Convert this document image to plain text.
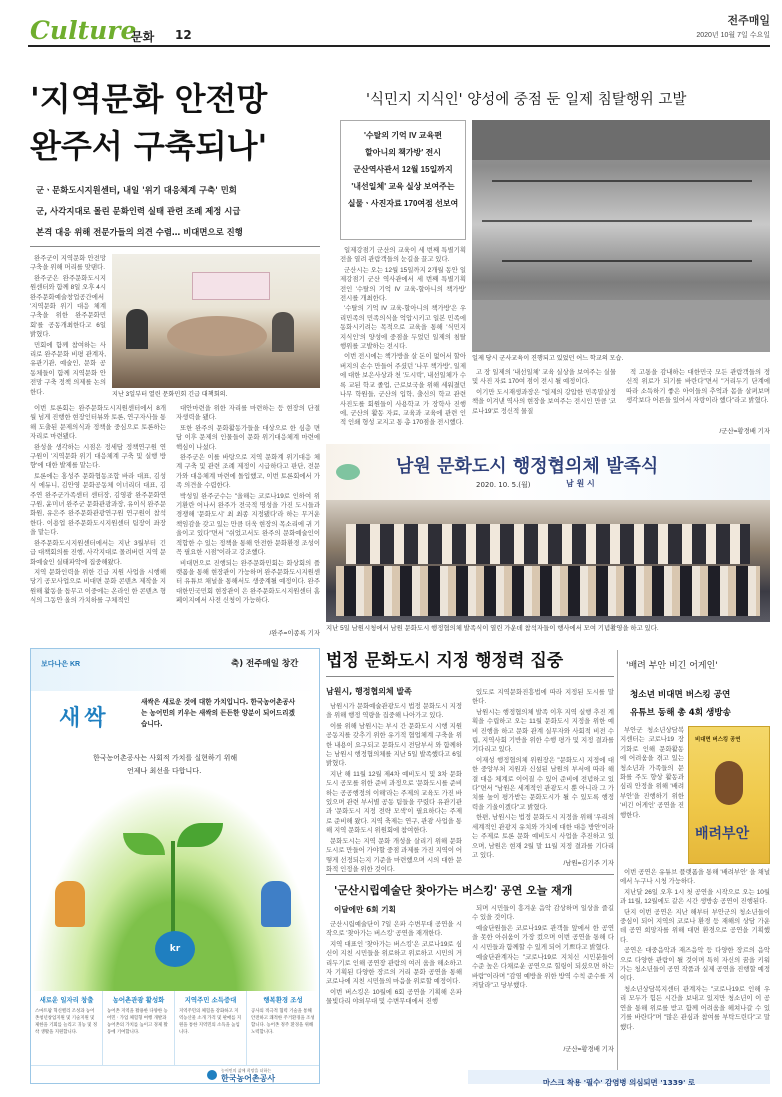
Culture
문화 12
전주매일
2020년 10월 7일 수요일
'지역문화 안전망
완주서 구축되나'
군ㆍ문화도시지원센터, 내일 '위기 대응체계 구축' 민회
군, 사각지대로 몰린 문화인력 실태 관련 조례 제정 시급
본격 대응 위해 전문가들의 의견 수렴… 비대면으로 진행

완주군이 지역문화 안전망 구축을 위해 머리를 맞댄다.

완주군은 완주문화도시지원센터와 함께 8일 오후 4시 완주문화예술창업공간에서 '지역문화 위기 대응 체계 구축을 위한 완주문화민회'를 공동개최한다고 6일 밝혔다.

민회에 함께 참여하는 사리로 완주문화 비평 관계자, 유관기관, 예술인, 문화 공동체들이 함께 지역문화 안전망 구축 정책 의제를 논의한다.	지난 3일부터 열린 문화민회 긴급 대책회의.

이번 토론회는 완주문화도시지원센터에서 8개월 넘게 진행한 현장인터뷰와 토론, 연구자사들 통해 도출된 문제의식과 정책을 중심으로 토론하는 자리로 마련됐다.

완성을 생각하는 시점은 정세담 정책연구원 연구원이 '지역문화 위기 대응체계 구축 및 실행 방향'에 대한 발제를 맡는다.

토론에는 홍성주 문화협동조합 바라 대표, 김성식 에듀니, 김안영 문화공동체 이너리더 대표, 김주연 완주군가족센터 센터장, 김영광 완주문화연구원, 윤미녀 완주군 문화관광과장, 유이식 완주문화원, 유은주 완주문화관광연구원 연구원이 참석한다. 이용업 완주문화도시지원센터 팀장이 좌장을 맡는다.

완주문화도시지원센터에서는 지난 3월부터 긴급 대책회의를 진행, 사각지대로 몰려버린 지역 문화예술인 실태파악에 집중해왔다.

지역 문화인력을 위한 긴급 지원 사업을 시행해 당기 공모사업으로 비대면 문화 콘텐츠 제작을 지원해 활동을 돕무고 이중에는 온라인 한 콘텐츠 형식의 그동안 올의 가치하를 구체적인

대안마련을 위한 자리를 마련하는 등 현장의 단절 자생력을 됐다.

또한 완주의 문화활동가들을 대상으로 한 심층 면담 이후 문제의 인물들이 문화 위기대응체계 마련에 핵심이 나섰다.

완주군은 이를 바탕으로 지역 문화계 위기대응 체계 구축 및 관련 조례 제정이 시급하다고 판단, 전문가와 대응체계 마련에 돌입했고, 이번 토론회에서 가족 의견을 수렴한다.

박성일 완주군수는 "올해는 코로나19로 인하여 위기환란 어나서 완주가 전국적 명성을 가진 도시들과 경쟁해 '문화도시' 최 최종 지정됐다'라 하는 무거운 책임감을 갖고 있는 만큼 더욱 현장의 목소리에 귀 기울이고 있다"면서 "쉬었고서도 완주의 문화예술인이 적합한 수 있는 정책을 통해 안전한 문화환경 조성이 꼭 필요한 시점"이라고 강조했다.

비대면으로 진행되는 완주문화민회는 화상회의 플랫폼을 통해 현장관이 가능하며 완주문화도시지원센터 유튜브 채널을 통해서도 생중계될 예정이다. 완주대한민국민회 현장관이 은 완주문화도시지원센터 홈페이지에서 사전 신청이 가능하다.

/완주=이종록 기자
'식민지 지식인' 양성에 중점 둔 일제 침탈행위 고발
'수탈의 기억 IV 교육편
할아니의 책가방' 전시
군산역사관서 12월 15일까지
'내선일체' 교육 실상 보여주는
실물ㆍ사진자료 170여점 선보여
일제 당시 군사교육이 진행되고 있었던 어느 학교의 모습.

일제강점기 군산의 교육이 세 번째 특별기획전을 열려 관람객들의 눈길을 끌고 있다.

군산시는 오는 12월 15일까지 2개월 동안 일제강점기 군산 역사관에서 세 번째 특별기획전인 '수탈의 기억 IV 교육-할아니의 책가방' 전시를 개최한다.

'수탈의 기억 IV 교육-할아니의 책가방'은 우리민족의 민족의식을 억압시키고 일본 민족에 동화시키려는 목적으로 교육을 통해 '식민지 지식인'의 양성에 중점을 두었던 일제의 침탈행위를 고발하는 전시다.

이번 전시에는 책가방을 살 돈이 없어서 할아버지의 손수 만들어 주셨던 '나무 책가방', 일제에 대한 보은사상과 천 '도시락', 내선일체가 수록 교된 학교 졸업, 근로보국을 위해 세워졌던 나무 학원들, 군산의 입학, 출신의 학교 관련 사진도를 회원들이 사용학교 가 장학사 진행에, 군산의 활동 자료, 교육과 교육에 관련 인적 인쇄 형성 교지고 통 총 170점을 전시했다.

고 장 일제의 '내선일체' 교육 실상을 보여주는 실물 및 사진 자료 170여 점이 전시 될 예정이다.

이기만 도시재생과장은 "일제의 강압한 민족말살정책을 이겨낸 역사의 현장을 보여주는 전시인 만큼 '코로나19'로 정신적 물질

적 고통을 감내하는 대한민국 모든 관람객들의 정신적 위로가 되기를 바란다"면서 "거리두기 단계에 따라 소득하기 좋은 아이들의 추억과 몸을 살펴보며 생각보다 어른들 있어서 자랑이라 했다"라고 밝혔다.

/군산=황경배 기자
남원 문화도시 행정협의체 발족식
2020. 10. 5.(월)	남 원 시
지난 5일 남원시청에서 남원 문화도시 행정협의체 발족식이 열린 가운데 참석자들이 행사에서 모여 기념촬영을 하고 있다.
보다나은 KR	축) 전주매일 창간
새싹
새싹은 새로운 것에 대한 가치입니다. 한국농어촌공사는 농어민의 키우는 새싹의 든든한 양분이 되어드리겠습니다.
한국농어촌공사는 사회적 가치를 실현하기 위해
언제나 최선을 다합니다.
kr
새로운 일자리 창출
스마트팜 혁신밸리 조성과 농어촌청년창업지원 및 기술지원 및 제한을 기회를 늘리고 귀농 및 정착 생활을 지원합니다.
농어촌관광 활성화
농어촌 지역을 활용한 다양한 농어민ㆍ가업 체험형 여행 개발과 농어촌의 가치를 높이고 경제 활동에 기여합니다.
지역주민 소득증대
지역주민의 체험을 강화하고 지역농산물 소개 가격 및 판매를 지원을 통한 지역민의 소득을 높입니다.
행복환경 조성
공사의 적극적 협력 기술을 통해 안전하고 쾌적한 주거환경을 조성합니다. 농어촌 정주 환경을 위해 노력합니다.
농어민의 삶에 희망을 더하는
한국농어촌공사
법정 문화도시 지정 행정력 집중
남원시, 행정협의체 발족

남원시가 문화예술관광도시 법정 문화도시 지정을 위해 행정 역량을 집중해 나아가고 있다.

이를 위해 남원시는 부시 간 문화도시 시행 지원 공동지를 갖추기 위한 유기적 협업체계 구축을 위한 내용이 요구되고 문화도시 전담부서 와 함께하는 남원시 행정협의체를 지난 5일 발족했다고 6일 밝혔다.

지난 해 11월 12월 제4차 예비도시 및 3차 문화도시 공모를 위한 준비 과정으로 '문화도시를 준비하는 공공행정의 이해'라는 주제의 교육도 가진 바 있으며 관련 부서별 공동 팀들을 꾸렸다 유관기관과 '문화도시 지정 전략 모색'이 필요하다는 주제로 준비해 왔다. 지역 축제는 연구, 관광 사업을 통해 지역 문화도시 위원회에 참여한다.

문화도시는 지역 문화 개성을 살리기 위해 문화도시로 만들어 가야할 중점 과제를 가진 지역이 어떻게 선정되는지 기준을 마련했으며 시의 대한 문화적 인정을 위한 것이다.

있도로 지역문화진흥법에 따라 지정된 도시를 말한다.

남원시는 행정협의체 발족 이후 지역 실행 추진 계획을 수립하고 오는 11월 문화도시 지정을 위한 예비 진행을 하고 문화 관계 실무자와 사회적 비전 수립, 지역사회 기반을 위한 수행 평가 및 지정 결과를 기다리고 있다.

이재성 행정협의체 위원장은 "문화도시 지정에 대한 중앙부처 지원과 신설된 남원의 부서에 따라 해결 대응 체계로 이어질 수 있어 준비에 전념하고 있다"면서 "남원은 세계적인 관광도시 뿐 아니라 그 가치를 높이 평가받는 문화도시가 될 수 있도록 행정력을 기울이겠다"고 밝혔다.

한편, 남원시는 법정 문화도시 지정을 위해 '우리의 세계적인 관광지 유치와 가치에 대한 대응 방안'이라는 주제로 토론 문화 예비도시 사업을 추진하고 있으며, 남원은 현재 2월 말 11월 지정 결과를 기다리고 있다.

/남원=김기주 기자
'배려 부안 비긴 어게인'
청소년 비대면 버스킹 공연
유튜브 동해 총 4회 생방송

부안군 청소년상담복지센터는 코로나19 장기화로 인해 문화활동에 어려움을 겪고 있는 청소년과 가족들의 문화를 주도 향상 활동과 심리 안정을 위해 '배려 부안'을 진행하기 위한 '비긴 어게인' 공연을 진행한다.

비대면 버스킹 공연
배려부안

이번 공연은 유튜브 플랫폼을 통해 '배려부안' 을 채널에서 누구나 시청 가능하다.

지난달 26일 오후 1시 첫 공연을 시작으로 오는 10월과 11월, 12월에도 같은 시간 생방송 공연이 진행된다.

단지 이번 공연은 지난 해부터 부안군의 청소년들이 중심이 되어 지역의 코로나 환경 등 재해의 상담 가운데 공연 희망자를 위해 대면 환경으로 공연을 기획했다.

공연은 대중음악과 재즈음악 등 다양한 장르의 음악으로 다양한 관람이 될 것이며 특히 자신의 꿈을 키워가는 청소년들이 공연 작품과 실제 공연을 진행할 예정이다.

청소년상담복지센터 관계자는 "코로나19로 인해 우리 모두가 힘든 시간을 보내고 있지만 청소년이 이 공연을 통해 위로를 받고 함께 어려움을 헤쳐나갈 수 있기를 바란다"며 "많은 관심과 참여를 부탁드린다"고 말했다.

'군산시립예술단 찾아가는 버스킹' 공연 오늘 재개
이달에만 6회 기획

군산시립예술단이 7일 은파 수변무대 공연을 시작으로 '찾아가는 버스킹' 공연을 재개한다.

지역 대표인 '찾아가는 버스킹'은 코로나19로 심신이 지친 시민들을 위로하고 위로하고 시민의 거리두기로 인해 공연장 관람의 여러 움을 해소하고자 기획된 다양한 장르의 거리 문화 공연을 통해 코로나에 지친 시민들의 마음을 위로할 예정이다.

이번 버스킹은 10월에 6회 공연을 기획해 은파 물빛다리 야외무대 및 수변무대에서 진행

되며 시민들이 흥겨운 음악 감상하며 일상을 즐길 수 있을 것이다.

예술단원들은 코로나19로 관객들 앞에서 한 공연을 못한 아쉬움이 가장 컸으며 이번 공연을 통해 다시 시민들과 함께할 수 있게 되어 기쁘다고 밝혔다.

예술단관계자는 "코로나19로 지치신 시민분들이 수준 높은 다채로운 공연으로 힐링이 되셨으면 하는 바람"이라며 "감염 예방을 위한 방역 수칙 준수를 지켜달라"고 당부했다.

/군산=황경배 기자
마스크 착용 '필수' 감염병 의심되면 '1339' 로
